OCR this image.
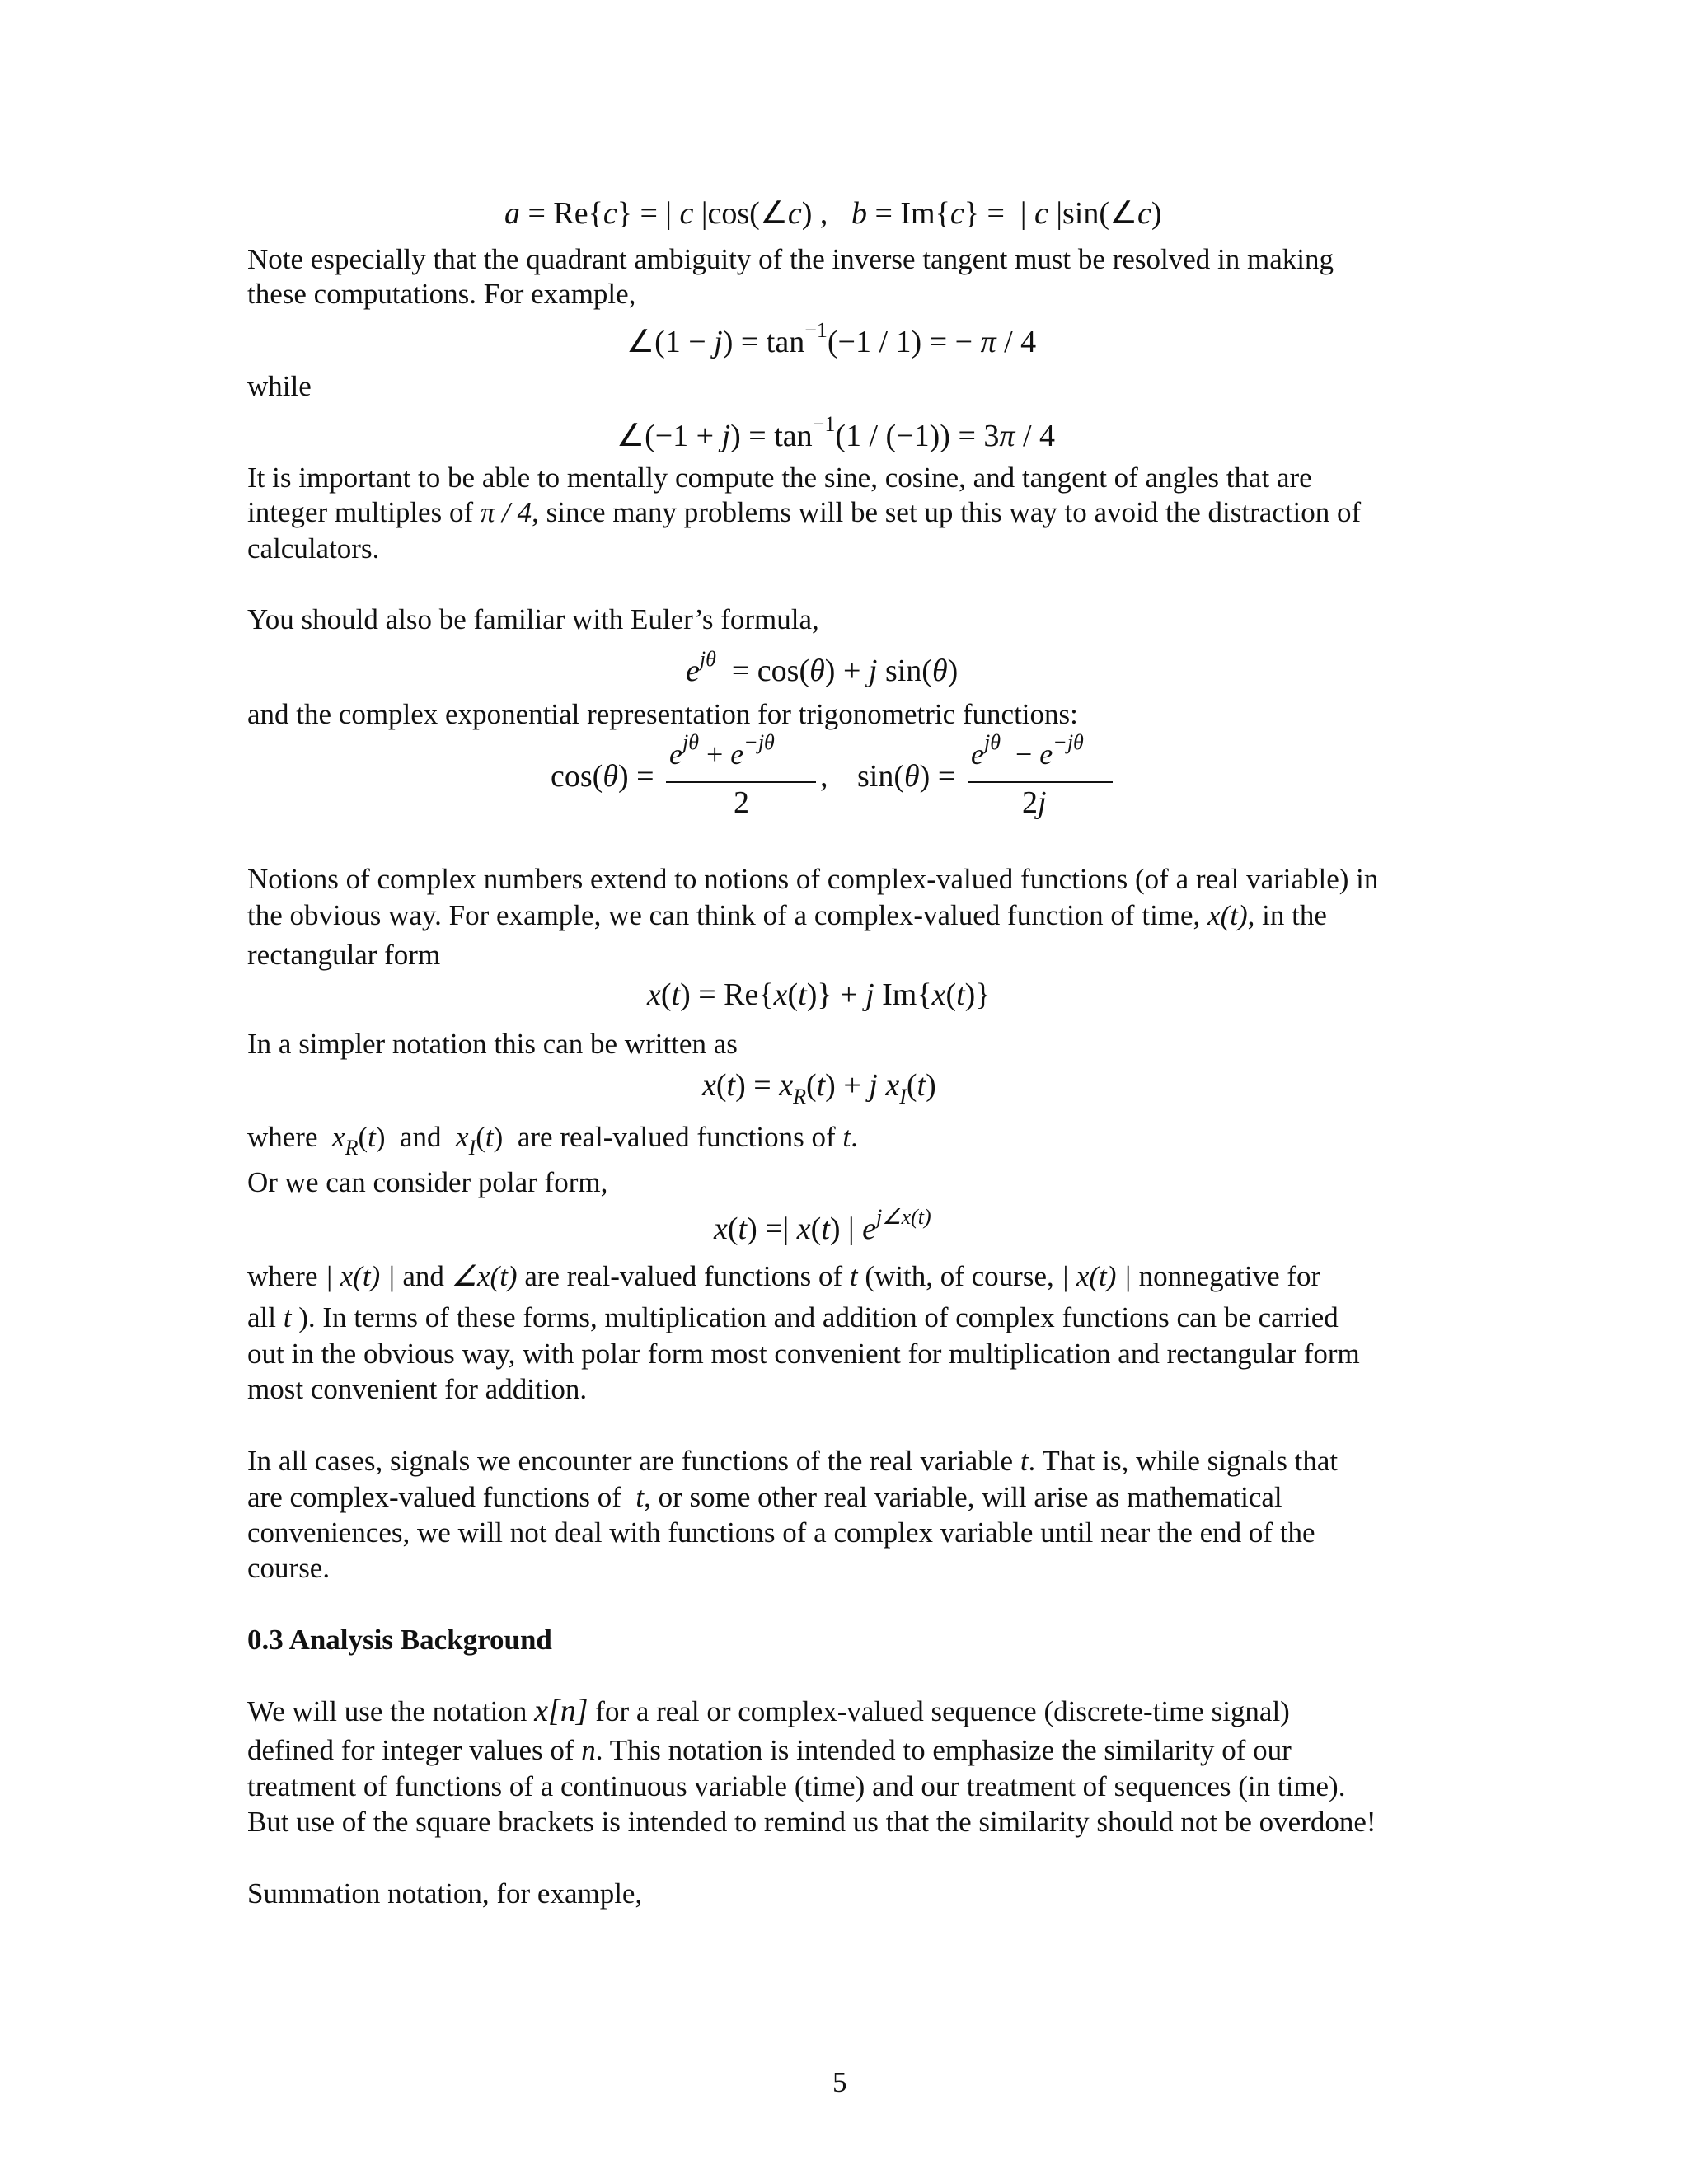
a = Re{c} = | c |cos(∠c) ,   b = Im{c} =  | c |sin(∠c)
Note especially that the quadrant ambiguity of the inverse tangent must be resolved in making
these computations. For example,
∠(1 − $j) = \tan^{-1}(-1 / 1)$ = − π / 4
while
∠(−1 + $j) = \tan^{-1}(1 / (-1)) = 3\pi / 4$
It is important to be able to mentally compute the sine, cosine, and tangent of angles that are
integer multiples of π / 4, since many problems will be set up this way to avoid the distraction of
calculators.
You should also be familiar with Euler’s formula,
$e^{j\theta} = \cos(\theta) + j$ sin(θ)
and the complex exponential representation for trigonometric functions:
cos(θ) =
$e^{j\theta} + e^{-j\theta}$
2
, sin(θ) =
$e^{j\theta} - e^{-j\theta}$
2j
Notions of complex numbers extend to notions of complex-valued functions (of a real variable) in
the obvious way. For example, we can think of a complex-valued function of time, x(t), in the
rectangular form
x(t) = Re{x(t)} + j Im{x(t)}
In a simpler notation this can be written as
$x(t) = x_R(t) + j$ $x_I(t)$
where $x_R(t)$  and $x_I(t)$  are real-valued functions of t.
Or we can consider polar form,
x(t) =| x(t) | $e^{j\angle x(t)}$
where | x(t) | and ∠x(t) are real-valued functions of t (with, of course, | x(t) | nonnegative for
all t ). In terms of these forms, multiplication and addition of complex functions can be carried
out in the obvious way, with polar form most convenient for multiplication and rectangular form
most convenient for addition.
In all cases, signals we encounter are functions of the real variable t. That is, while signals that
are complex-valued functions of t, or some other real variable, will arise as mathematical
conveniences, we will not deal with functions of a complex variable until near the end of the
course.
0.3 Analysis Background
We will use the notation x[n] for a real or complex-valued sequence (discrete-time signal)
defined for integer values of n. This notation is intended to emphasize the similarity of our
treatment of functions of a continuous variable (time) and our treatment of sequences (in time).
But use of the square brackets is intended to remind us that the similarity should not be overdone!
Summation notation, for example,
5
